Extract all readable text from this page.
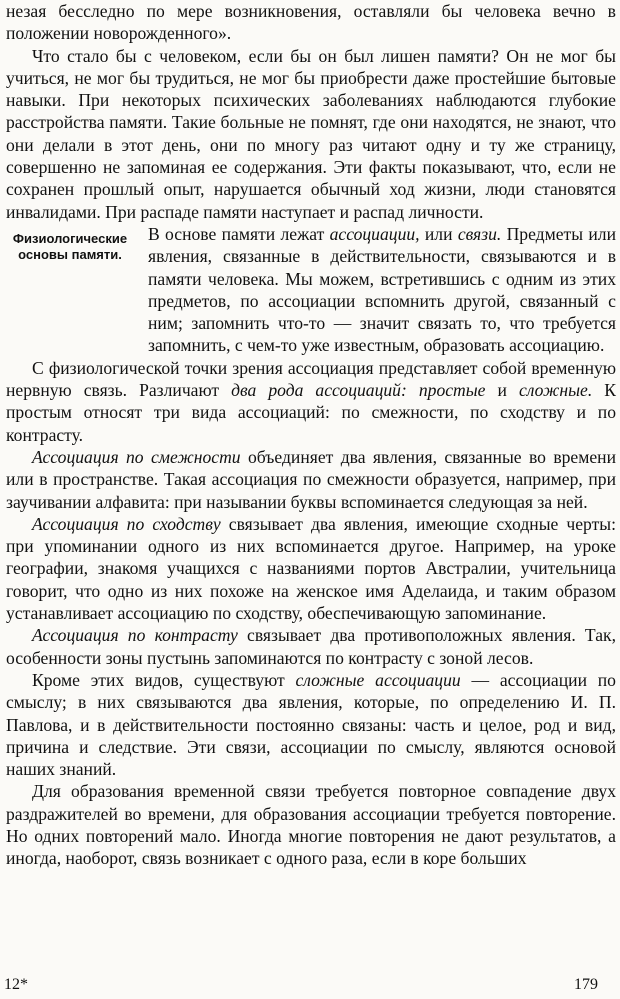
незая бесследно по мере возникновения, оставляли бы человека вечно в положении новорожденного».

Что стало бы с человеком, если бы он был лишен памяти? Он не мог бы учиться, не мог бы трудиться, не мог бы приобрести даже простейшие бытовые навыки. При некоторых психических заболеваниях наблюдаются глубокие расстройства памяти. Такие больные не помнят, где они находятся, не знают, что они делали в этот день, они по многу раз читают одну и ту же страницу, совершенно не запоминая ее содержания. Эти факты показывают, что, если не сохранен прошлый опыт, нарушается обычный ход жизни, люди становятся инвалидами. При распаде памяти наступает и распад личности.

Физиологические основы памяти.

В основе памяти лежат ассоциации, или связи. Предметы или явления, связанные в действительности, связываются и в памяти человека. Мы можем, встретившись с одним из этих предметов, по ассоциации вспомнить другой, связанный с ним; запомнить что-то — значит связать то, что требуется запомнить, с чем-то уже известным, образовать ассоциацию.

С физиологической точки зрения ассоциация представляет собой временную нервную связь. Различают два рода ассоциаций: простые и сложные. К простым относят три вида ассоциаций: по смежности, по сходству и по контрасту.

Ассоциация по смежности объединяет два явления, связанные во времени или в пространстве. Такая ассоциация по смежности образуется, например, при заучивании алфавита: при назывании буквы вспоминается следующая за ней.

Ассоциация по сходству связывает два явления, имеющие сходные черты: при упоминании одного из них вспоминается другое. Например, на уроке географии, знакомя учащихся с названиями портов Австралии, учительница говорит, что одно из них похоже на женское имя Аделаида, и таким образом устанавливает ассоциацию по сходству, обеспечивающую запоминание.

Ассоциация по контрасту связывает два противоположных явления. Так, особенности зоны пустынь запоминаются по контрасту с зоной лесов.

Кроме этих видов, существуют сложные ассоциации — ассоциации по смыслу; в них связываются два явления, которые, по определению И. П. Павлова, и в действительности постоянно связаны: часть и целое, род и вид, причина и следствие. Эти связи, ассоциации по смыслу, являются основой наших знаний.

Для образования временной связи требуется повторное совпадение двух раздражителей во времени, для образования ассоциации требуется повторение. Но одних повторений мало. Иногда многие повторения не дают результатов, а иногда, наоборот, связь возникает с одного раза, если в коре больших

12*	179
